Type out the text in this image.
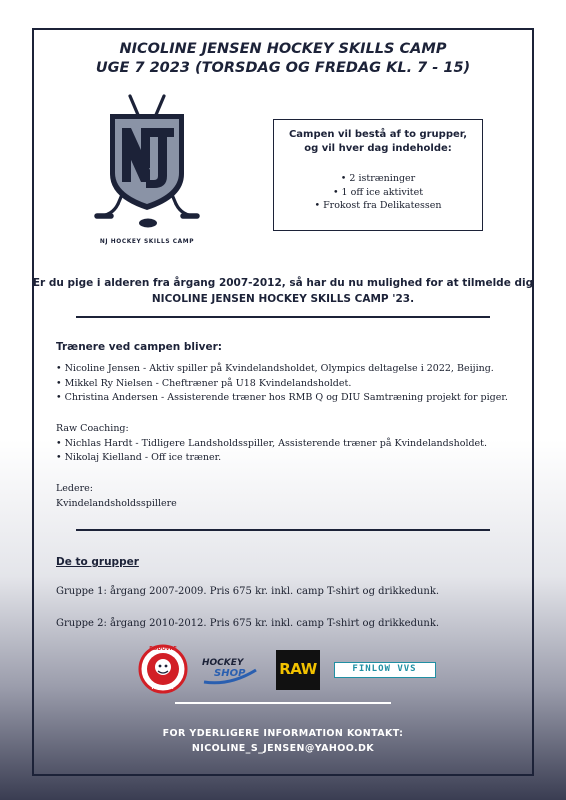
NICOLINE JENSEN HOCKEY SKILLS CAMP
UGE 7 2023 (TORSDAG OG FREDAG KL. 7 - 15)
NJ HOCKEY SKILLS CAMP
Campen vil bestå af to grupper,
og vil hver dag indeholde:
• 2 istræninger
• 1 off ice aktivitet
• Frokost fra Delikatessen
Er du pige i alderen fra årgang 2007-2012, så har du nu mulighed for at tilmelde dig
NICOLINE JENSEN HOCKEY SKILLS CAMP '23.
Trænere ved campen bliver:
• Nicoline Jensen - Aktiv spiller på Kvindelandsholdet, Olympics deltagelse i 2022, Beijing.
• Mikkel Ry Nielsen - Cheftræner på U18 Kvindelandsholdet.
• Christina Andersen - Assisterende træner hos RMB Q og DIU Samtræning projekt for piger.
Raw Coaching:
• Nichlas Hardt - Tidligere Landsholdsspiller, Assisterende træner på Kvindelandsholdet.
• Nikolaj Kielland - Off ice træner.
Ledere:
Kvindelandsholdsspillere
De to grupper
Gruppe 1: årgang 2007-2009. Pris 675 kr. inkl. camp T-shirt og drikkedunk.
Gruppe 2: årgang 2010-2012. Pris 675 kr. inkl. camp T-shirt og drikkedunk.
RØDOVRE
HOCKEY
HOCKEY
SHOP RAW	FINLOW VVS
FOR YDERLIGERE INFORMATION KONTAKT:
NICOLINE_S_JENSEN@YAHOO.DK
